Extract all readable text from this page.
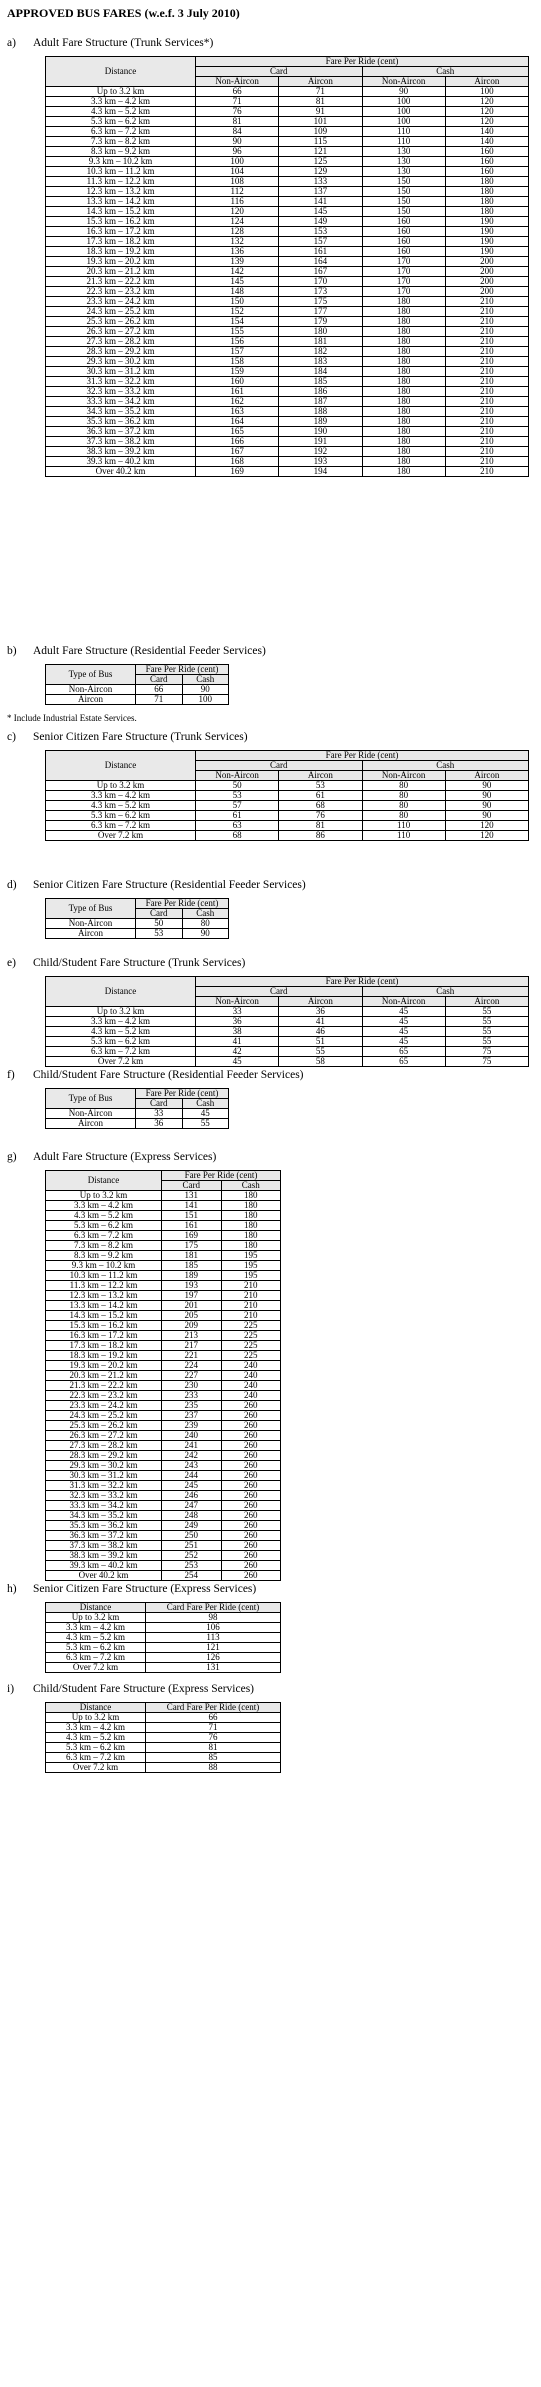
APPROVED BUS FARES (w.e.f. 3 July 2010)
a) Adult Fare Structure (Trunk Services*)
Distance	Fare Per Ride (cent)			
	Card		Cash	
	Non-Aircon	Aircon	Non-Aircon	Aircon
Up to 3.2 km	66	71	90	100
3.3 km – 4.2 km	71	81	100	120
4.3 km – 5.2 km	76	91	100	120
5.3 km – 6.2 km	81	101	100	120
6.3 km – 7.2 km	84	109	110	140
7.3 km – 8.2 km	90	115	110	140
8.3 km – 9.2 km	96	121	130	160
9.3 km – 10.2 km	100	125	130	160
10.3 km – 11.2 km	104	129	130	160
11.3 km – 12.2 km	108	133	150	180
12.3 km – 13.2 km	112	137	150	180
13.3 km – 14.2 km	116	141	150	180
14.3 km – 15.2 km	120	145	150	180
15.3 km – 16.2 km	124	149	160	190
16.3 km – 17.2 km	128	153	160	190
17.3 km – 18.2 km	132	157	160	190
18.3 km – 19.2 km	136	161	160	190
19.3 km – 20.2 km	139	164	170	200
20.3 km – 21.2 km	142	167	170	200
21.3 km – 22.2 km	145	170	170	200
22.3 km – 23.2 km	148	173	170	200
23.3 km – 24.2 km	150	175	180	210
24.3 km – 25.2 km	152	177	180	210
25.3 km – 26.2 km	154	179	180	210
26.3 km – 27.2 km	155	180	180	210
27.3 km – 28.2 km	156	181	180	210
28.3 km – 29.2 km	157	182	180	210
29.3 km – 30.2 km	158	183	180	210
30.3 km – 31.2 km	159	184	180	210
31.3 km – 32.2 km	160	185	180	210
32.3 km – 33.2 km	161	186	180	210
33.3 km – 34.2 km	162	187	180	210
34.3 km – 35.2 km	163	188	180	210
35.3 km – 36.2 km	164	189	180	210
36.3 km – 37.2 km	165	190	180	210
37.3 km – 38.2 km	166	191	180	210
38.3 km – 39.2 km	167	192	180	210
39.3 km – 40.2 km	168	193	180	210
Over 40.2 km	169	194	180	210
b) Adult Fare Structure (Residential Feeder Services)
Type of Bus	Fare Per Ride (cent)	
	Card	Cash
Non-Aircon	66	90
Aircon	71	100
* Include Industrial Estate Services.
c) Senior Citizen Fare Structure (Trunk Services)
Distance	Fare Per Ride (cent)			
	Card		Cash	
	Non-Aircon	Aircon	Non-Aircon	Aircon
Up to 3.2 km	50	53	80	90
3.3 km – 4.2 km	53	61	80	90
4.3 km – 5.2 km	57	68	80	90
5.3 km – 6.2 km	61	76	80	90
6.3 km – 7.2 km	63	81	110	120
Over 7.2 km	68	86	110	120
d) Senior Citizen Fare Structure (Residential Feeder Services)
Type of Bus	Fare Per Ride (cent)	
	Card	Cash
Non-Aircon	50	80
Aircon	53	90
e) Child/Student Fare Structure (Trunk Services)
Distance	Fare Per Ride (cent)			
	Card		Cash	
	Non-Aircon	Aircon	Non-Aircon	Aircon
Up to 3.2 km	33	36	45	55
3.3 km – 4.2 km	36	41	45	55
4.3 km – 5.2 km	38	46	45	55
5.3 km – 6.2 km	41	51	45	55
6.3 km – 7.2 km	42	55	65	75
Over 7.2 km	45	58	65	75
f) Child/Student Fare Structure (Residential Feeder Services)
Type of Bus	Fare Per Ride (cent)	
	Card	Cash
Non-Aircon	33	45
Aircon	36	55
g) Adult Fare Structure (Express Services)
Distance	Fare Per Ride (cent)	
	Card	Cash
Up to 3.2 km	131	180
3.3 km – 4.2 km	141	180
4.3 km – 5.2 km	151	180
5.3 km – 6.2 km	161	180
6.3 km – 7.2 km	169	180
7.3 km – 8.2 km	175	180
8.3 km – 9.2 km	181	195
9.3 km – 10.2 km	185	195
10.3 km – 11.2 km	189	195
11.3 km – 12.2 km	193	210
12.3 km – 13.2 km	197	210
13.3 km – 14.2 km	201	210
14.3 km – 15.2 km	205	210
15.3 km – 16.2 km	209	225
16.3 km – 17.2 km	213	225
17.3 km – 18.2 km	217	225
18.3 km – 19.2 km	221	225
19.3 km – 20.2 km	224	240
20.3 km – 21.2 km	227	240
21.3 km – 22.2 km	230	240
22.3 km – 23.2 km	233	240
23.3 km – 24.2 km	235	260
24.3 km – 25.2 km	237	260
25.3 km – 26.2 km	239	260
26.3 km – 27.2 km	240	260
27.3 km – 28.2 km	241	260
28.3 km – 29.2 km	242	260
29.3 km – 30.2 km	243	260
30.3 km – 31.2 km	244	260
31.3 km – 32.2 km	245	260
32.3 km – 33.2 km	246	260
33.3 km – 34.2 km	247	260
34.3 km – 35.2 km	248	260
35.3 km – 36.2 km	249	260
36.3 km – 37.2 km	250	260
37.3 km – 38.2 km	251	260
38.3 km – 39.2 km	252	260
39.3 km – 40.2 km	253	260
Over 40.2 km	254	260
h) Senior Citizen Fare Structure (Express Services)
Distance	Card Fare Per Ride (cent)
Up to 3.2 km	98
3.3 km – 4.2 km	106
4.3 km – 5.2 km	113
5.3 km – 6.2 km	121
6.3 km – 7.2 km	126
Over 7.2 km	131
i) Child/Student Fare Structure (Express Services)
Distance	Card Fare Per Ride (cent)
Up to 3.2 km	66
3.3 km – 4.2 km	71
4.3 km – 5.2 km	76
5.3 km – 6.2 km	81
6.3 km – 7.2 km	85
Over 7.2 km	88
